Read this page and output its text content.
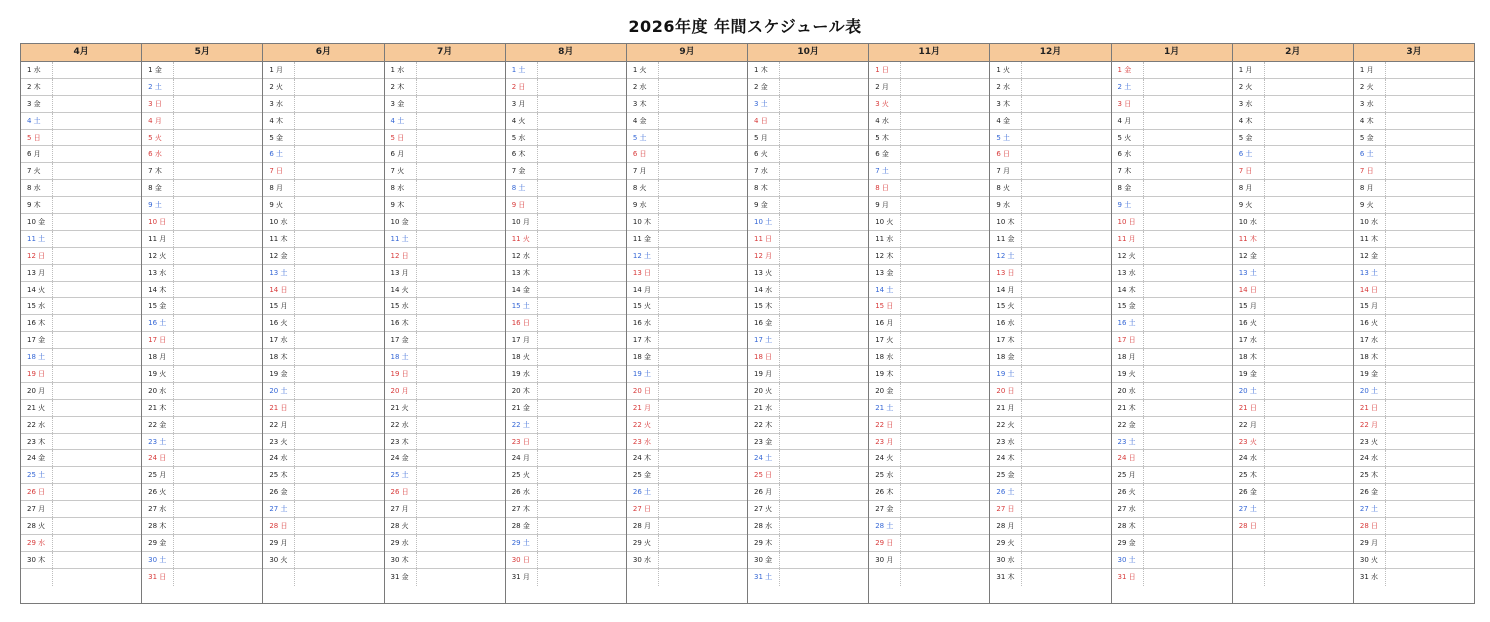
2026年度 年間スケジュール表
4月
1 水
2 木
3 金
4 土
5 日
6 月
7 火
8 水
9 木
10 金
11 土
12 日
13 月
14 火
15 水
16 木
17 金
18 土
19 日
20 月
21 火
22 水
23 木
24 金
25 土
26 日
27 月
28 火
29 水
30 木
5月
1 金
2 土
3 日
4 月
5 火
6 水
7 木
8 金
9 土
10 日
11 月
12 火
13 水
14 木
15 金
16 土
17 日
18 月
19 火
20 水
21 木
22 金
23 土
24 日
25 月
26 火
27 水
28 木
29 金
30 土
31 日
6月
1 月
2 火
3 水
4 木
5 金
6 土
7 日
8 月
9 火
10 水
11 木
12 金
13 土
14 日
15 月
16 火
17 水
18 木
19 金
20 土
21 日
22 月
23 火
24 水
25 木
26 金
27 土
28 日
29 月
30 火
7月
1 水
2 木
3 金
4 土
5 日
6 月
7 火
8 水
9 木
10 金
11 土
12 日
13 月
14 火
15 水
16 木
17 金
18 土
19 日
20 月
21 火
22 水
23 木
24 金
25 土
26 日
27 月
28 火
29 水
30 木
31 金
8月
1 土
2 日
3 月
4 火
5 水
6 木
7 金
8 土
9 日
10 月
11 火
12 水
13 木
14 金
15 土
16 日
17 月
18 火
19 水
20 木
21 金
22 土
23 日
24 月
25 火
26 水
27 木
28 金
29 土
30 日
31 月
9月
1 火
2 水
3 木
4 金
5 土
6 日
7 月
8 火
9 水
10 木
11 金
12 土
13 日
14 月
15 火
16 水
17 木
18 金
19 土
20 日
21 月
22 火
23 水
24 木
25 金
26 土
27 日
28 月
29 火
30 水
10月
1 木
2 金
3 土
4 日
5 月
6 火
7 水
8 木
9 金
10 土
11 日
12 月
13 火
14 水
15 木
16 金
17 土
18 日
19 月
20 火
21 水
22 木
23 金
24 土
25 日
26 月
27 火
28 水
29 木
30 金
31 土
11月
1 日
2 月
3 火
4 水
5 木
6 金
7 土
8 日
9 月
10 火
11 水
12 木
13 金
14 土
15 日
16 月
17 火
18 水
19 木
20 金
21 土
22 日
23 月
24 火
25 水
26 木
27 金
28 土
29 日
30 月
12月
1 火
2 水
3 木
4 金
5 土
6 日
7 月
8 火
9 水
10 木
11 金
12 土
13 日
14 月
15 火
16 水
17 木
18 金
19 土
20 日
21 月
22 火
23 水
24 木
25 金
26 土
27 日
28 月
29 火
30 水
31 木
1月
1 金
2 土
3 日
4 月
5 火
6 水
7 木
8 金
9 土
10 日
11 月
12 火
13 水
14 木
15 金
16 土
17 日
18 月
19 火
20 水
21 木
22 金
23 土
24 日
25 月
26 火
27 水
28 木
29 金
30 土
31 日
2月
1 月
2 火
3 水
4 木
5 金
6 土
7 日
8 月
9 火
10 水
11 木
12 金
13 土
14 日
15 月
16 火
17 水
18 木
19 金
20 土
21 日
22 月
23 火
24 水
25 木
26 金
27 土
28 日
3月
1 月
2 火
3 水
4 木
5 金
6 土
7 日
8 月
9 火
10 水
11 木
12 金
13 土
14 日
15 月
16 火
17 水
18 木
19 金
20 土
21 日
22 月
23 火
24 水
25 木
26 金
27 土
28 日
29 月
30 火
31 水
